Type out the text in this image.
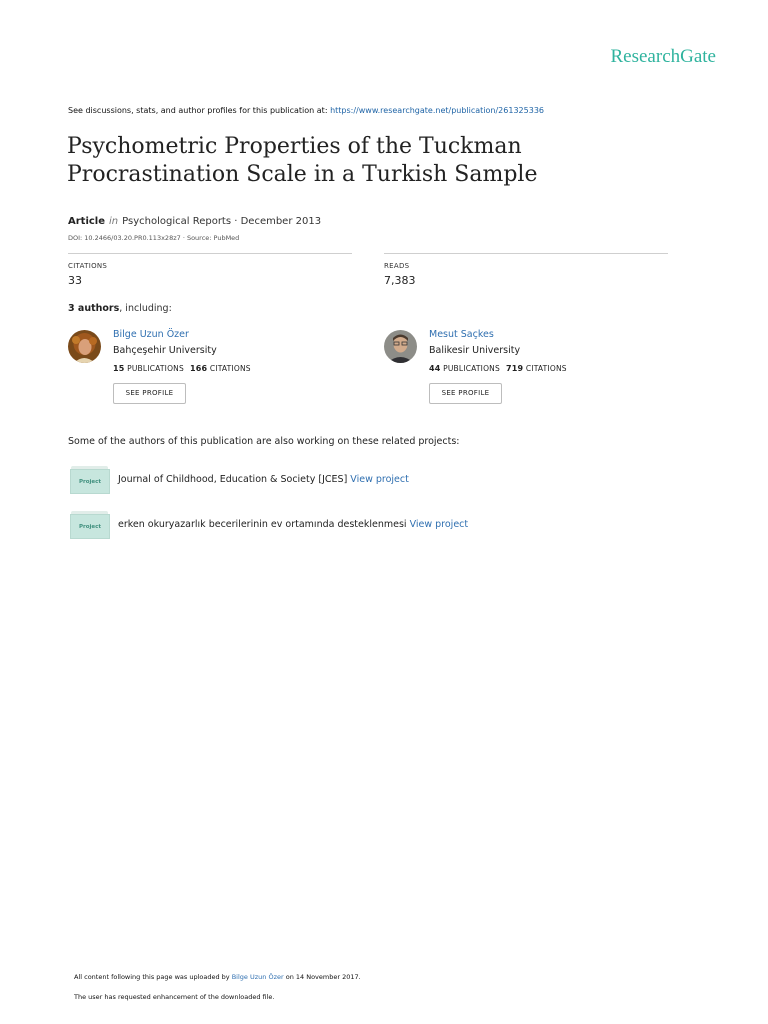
ResearchGate
See discussions, stats, and author profiles for this publication at: https://www.researchgate.net/publication/261325336
Psychometric Properties of the Tuckman Procrastination Scale in a Turkish Sample
Article in Psychological Reports · December 2013
DOI: 10.2466/03.20.PR0.113x28z7 · Source: PubMed
CITATIONS
33
READS
7,383
3 authors, including:
Bilge Uzun Özer
Bahçeşehir University
15 PUBLICATIONS 166 CITATIONS
SEE PROFILE
Mesut Saçkes
Balikesir University
44 PUBLICATIONS 719 CITATIONS
SEE PROFILE
Some of the authors of this publication are also working on these related projects:
Project	Journal of Childhood, Education & Society [JCES] View project
Project	erken okuryazarlık becerilerinin ev ortamında desteklenmesi View project
All content following this page was uploaded by Bilge Uzun Özer on 14 November 2017.
The user has requested enhancement of the downloaded file.
